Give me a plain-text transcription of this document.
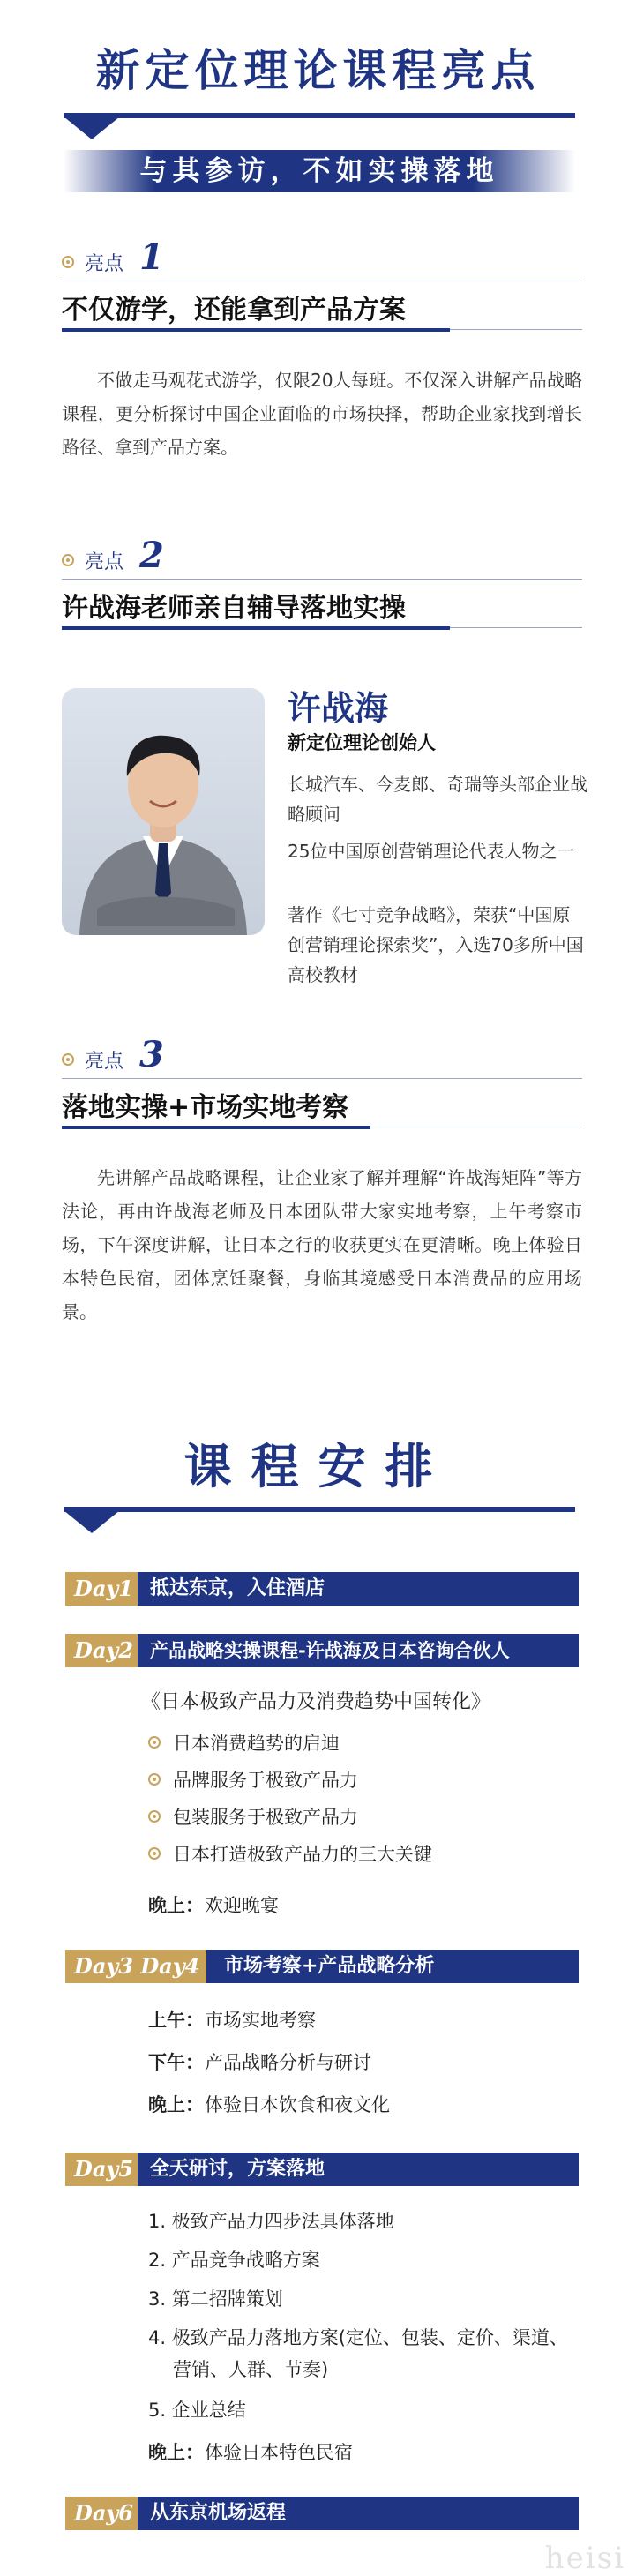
新定位理论课程亮点
与其参访，不如实操落地
亮点 1
不仅游学，还能拿到产品方案
不做走马观花式游学，仅限20人每班。不仅深入讲解产品战略课程，更分析探讨中国企业面临的市场抉择，帮助企业家找到增长路径、拿到产品方案。
亮点 2
许战海老师亲自辅导落地实操
许战海
新定位理论创始人
长城汽车、今麦郎、奇瑞等头部企业战略顾问
25位中国原创营销理论代表人物之一
著作《七寸竞争战略》，荣获“中国原创营销理论探索奖”，入选70多所中国高校教材
亮点 3
落地实操+市场实地考察
先讲解产品战略课程，让企业家了解并理解“许战海矩阵”等方法论，再由许战海老师及日本团队带大家实地考察，上午考察市场，下午深度讲解，让日本之行的收获更实在更清晰。晚上体验日本特色民宿，团体烹饪聚餐，身临其境感受日本消费品的应用场景。
课程安排
Day1 抵达东京，入住酒店
Day2 产品战略实操课程-许战海及日本咨询合伙人
《日本极致产品力及消费趋势中国转化》
日本消费趋势的启迪
品牌服务于极致产品力
包装服务于极致产品力
日本打造极致产品力的三大关键
晚上： 欢迎晚宴
Day3 Day4	市场考察+产品战略分析
上午： 市场实地考察
下午： 产品战略分析与研讨
晚上： 体验日本饮食和夜文化
Day5 全天研讨，方案落地
1. 极致产品力四步法具体落地
2. 产品竞争战略方案
3. 第二招牌策划
4. 极致产品力落地方案(定位、包装、定价、渠道、
营销、人群、节奏)
5. 企业总结
晚上： 体验日本特色民宿
Day6 从东京机场返程
heisi
